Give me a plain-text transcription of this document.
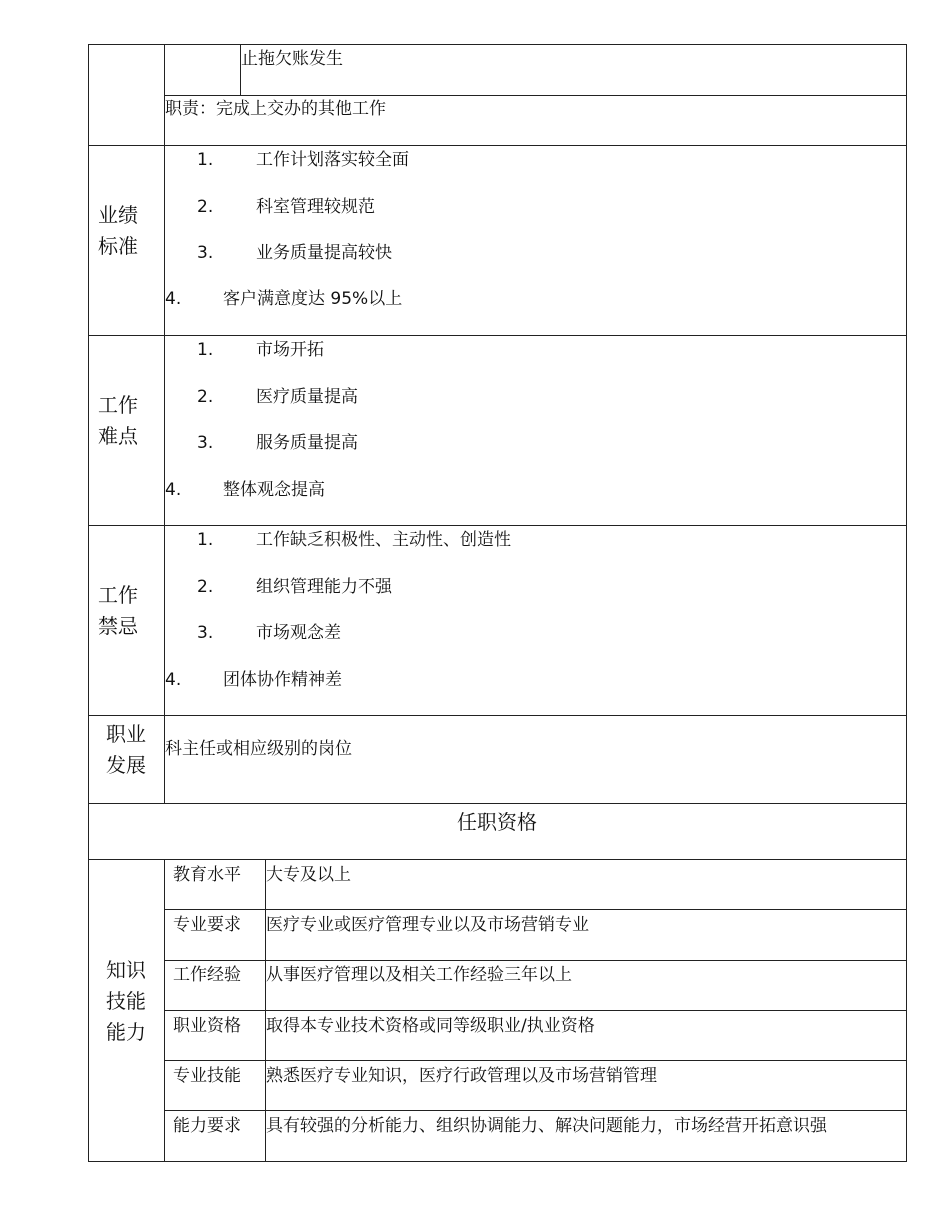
止拖欠账发生
职责：完成上交办的其他工作
业绩
标准
1.	工作计划落实较全面
2.	科室管理较规范
3.	业务质量提高较快
4.	客户满意度达 95%以上
工作
难点
1.	市场开拓
2.	医疗质量提高
3.	服务质量提高
4.	整体观念提高
工作
禁忌
1.	工作缺乏积极性、主动性、创造性
2.	组织管理能力不强
3.	市场观念差
4.	团体协作精神差
职业
发展
科主任或相应级别的岗位
任职资格
知识
技能
能力
教育水平 大专及以上
专业要求 医疗专业或医疗管理专业以及市场营销专业
工作经验 从事医疗管理以及相关工作经验三年以上
职业资格 取得本专业技术资格或同等级职业/执业资格
专业技能 熟悉医疗专业知识，医疗行政管理以及市场营销管理
能力要求 具有较强的分析能力、组织协调能力、解决问题能力，市场经营开拓意识强
